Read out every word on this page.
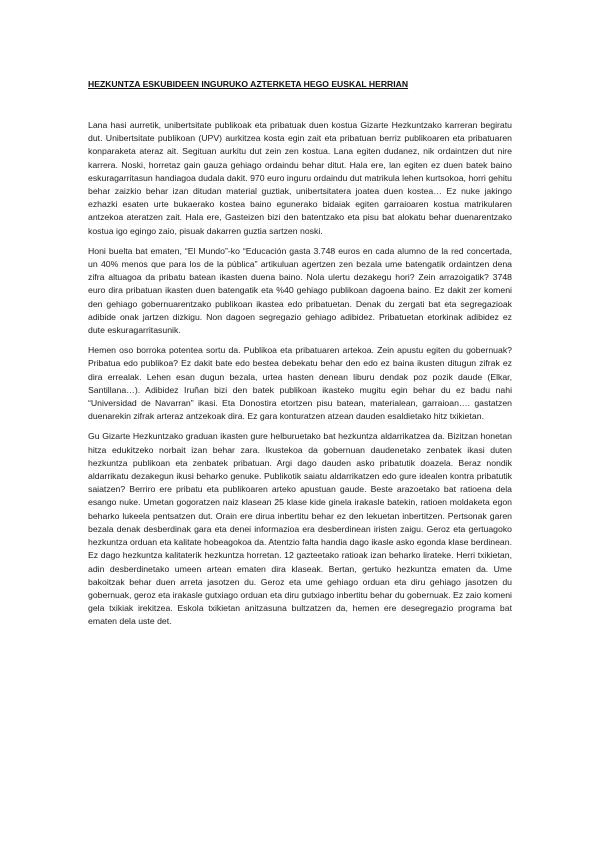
HEZKUNTZA ESKUBIDEEN INGURUKO AZTERKETA HEGO EUSKAL HERRIAN

Lana hasi aurretik, unibertsitate publikoak eta pribatuak duen kostua Gizarte Hezkuntzako karreran begiratu dut. Unibertsitate publikoan (UPV) aurkitzea kosta egin zait eta pribatuan berriz publikoaren eta pribatuaren konparaketa ateraz ait. Segituan aurkitu dut zein zen kostua. Lana egiten dudanez, nik ordaintzen dut nire karrera. Noski, horretaz gain gauza gehiago ordaindu behar ditut. Hala ere, lan egiten ez duen batek baino eskuragarritasun handiagoa dudala dakit. 970 euro inguru ordaindu dut matrikula lehen kurtsokoa, horri gehitu behar zaizkio behar izan ditudan material guztiak, unibertsitatera joatea duen kostea… Ez nuke jakingo ezhazki esaten urte bukaerako kostea baino egunerako bidaiak egiten garraioaren kostua matrikularen antzekoa ateratzen zait. Hala ere, Gasteizen bizi den batentzako eta pisu bat alokatu behar duenarentzako kostua igo egingo zaio, pisuak dakarren guztia sartzen noski.

Honi buelta bat ematen, “El Mundo”-ko “Educación gasta 3.748 euros en cada alumno de la red concertada, un 40% menos que para los de la pública” artikuluan agertzen zen bezala ume batengatik ordaintzen dena zifra altuagoa da pribatu batean ikasten duena baino. Nola ulertu dezakegu hori? Zein arrazoigatik? 3748 euro dira pribatuan ikasten duen batengatik eta %40 gehiago publikoan dagoena baino. Ez dakit zer komeni den gehiago gobernuarentzako publikoan ikastea edo pribatuetan. Denak du zergati bat eta segregazioak adibide onak jartzen dizkigu. Non dagoen segregazio gehiago adibidez. Pribatuetan etorkinak adibidez ez dute eskuragarritasunik.

Hemen oso borroka potentea sortu da. Publikoa eta pribatuaren artekoa. Zein apustu egiten du gobernuak? Pribatua edo publikoa? Ez dakit bate edo bestea debekatu behar den edo ez baina ikusten ditugun zifrak ez dira errealak. Lehen esan dugun bezala, urtea hasten denean liburu dendak poz pozik daude (Elkar, Santillana…). Adibidez Iruñan bizi den batek publikoan ikasteko mugitu egin behar du ez badu nahi “Universidad de Navarran” ikasi. Eta Donostira etortzen pisu batean, materialean, garraioan…. gastatzen duenarekin zifrak arteraz antzekoak dira. Ez gara konturatzen atzean dauden esaldietako hitz txikietan.

Gu Gizarte Hezkuntzako graduan ikasten gure helburuetako bat hezkuntza aldarrikatzea da. Bizitzan honetan hitza edukitzeko norbait izan behar zara. Ikustekoa da gobernuan daudenetako zenbatek ikasi duten hezkuntza publikoan eta zenbatek pribatuan. Argi dago dauden asko pribatutik doazela. Beraz nondik aldarrikatu dezakegun ikusi beharko genuke. Publikotik saiatu aldarrikatzen edo gure idealen kontra pribatutik saiatzen? Berriro ere pribatu eta publikoaren arteko apustuan gaude. Beste arazoetako bat ratioena dela esango nuke. Umetan gogoratzen naiz klasean 25 klase kide ginela irakasle batekin, ratioen moldaketa egon beharko lukeela pentsatzen dut. Orain ere dirua inbertitu behar ez den lekuetan inbertitzen. Pertsonak garen bezala denak desberdinak gara eta denei informazioa era desberdinean iristen zaigu. Geroz eta gertuagoko hezkuntza orduan eta kalitate hobeagokoa da. Atentzio falta handia dago ikasle asko egonda klase berdinean. Ez dago hezkuntza kalitaterik hezkuntza horretan. 12 gazteetako ratioak izan beharko lirateke. Herri txikietan, adin desberdinetako umeen artean ematen dira klaseak. Bertan, gertuko hezkuntza ematen da. Ume bakoitzak behar duen arreta jasotzen du. Geroz eta ume gehiago orduan eta diru gehiago jasotzen du gobernuak, geroz eta irakasle gutxiago orduan eta diru gutxiago inbertitu behar du gobernuak. Ez zaio komeni gela txikiak irekitzea. Eskola txikietan anitzasuna bultzatzen da, hemen ere desegregazio programa bat ematen dela uste det.
